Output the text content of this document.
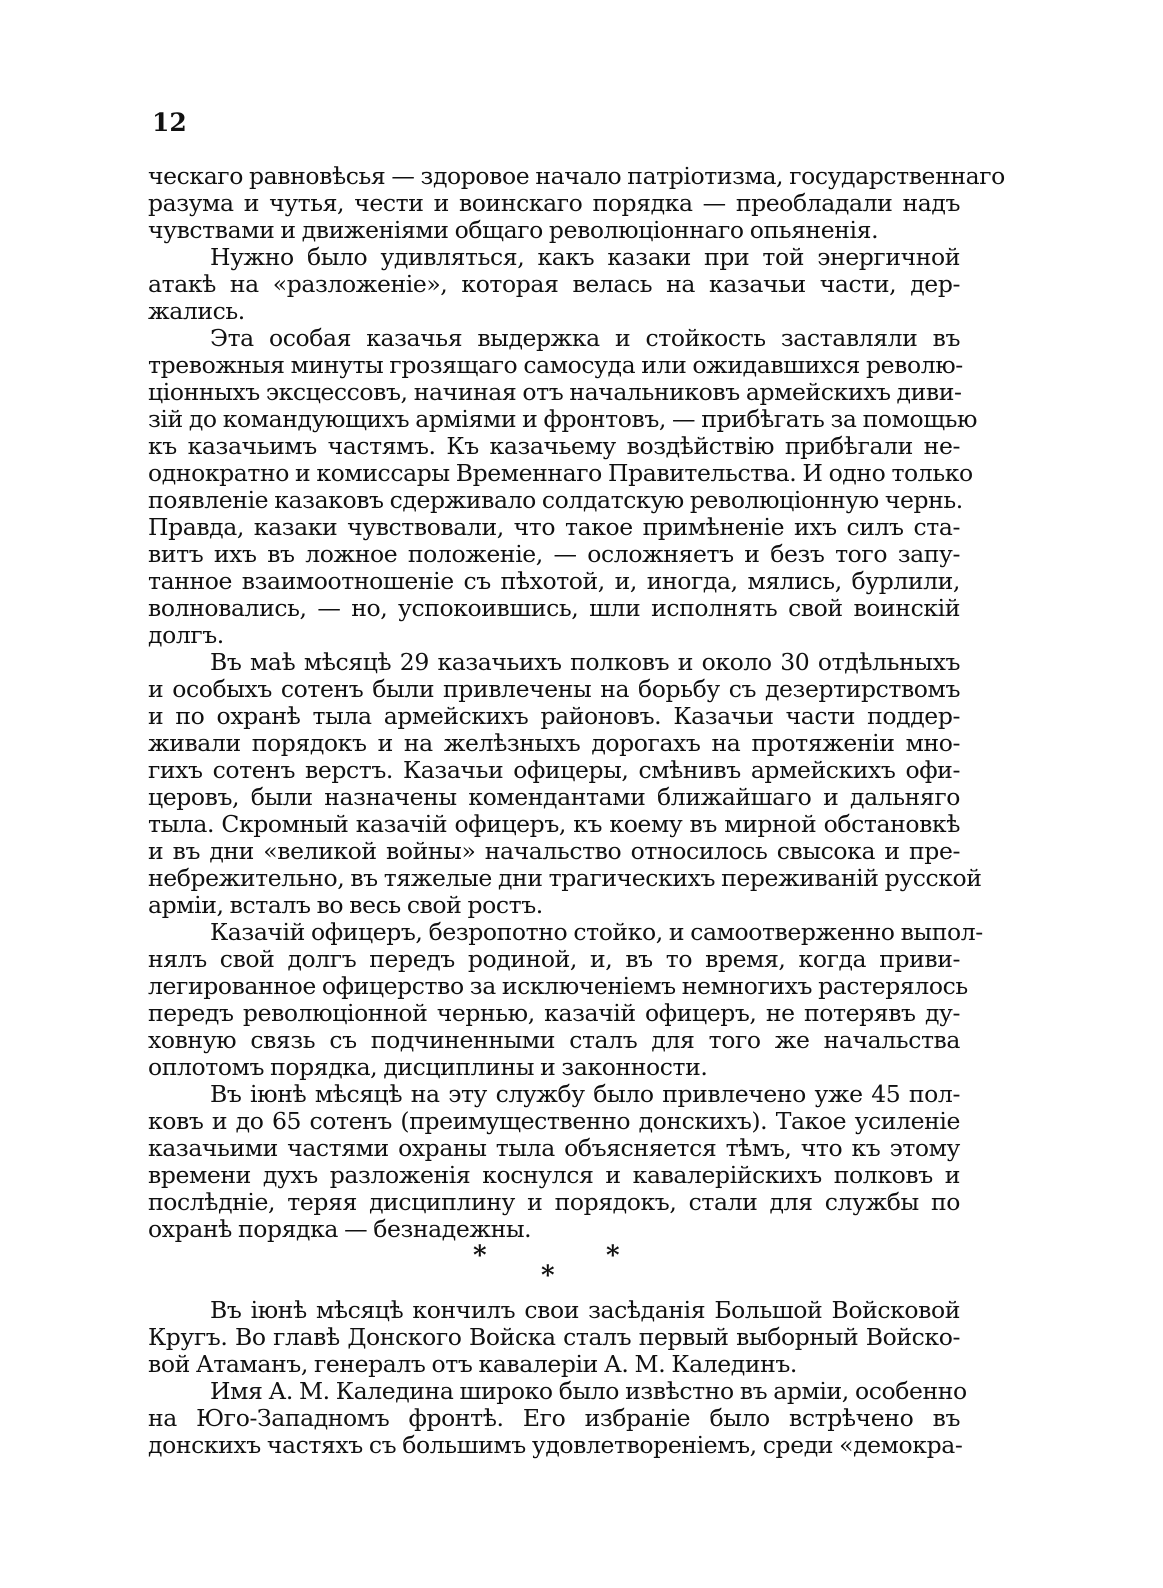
12
ческаго равновѣсья — здоровое начало патріотизма, государственнаго
разума и чутья, чести и воинскаго порядка — преобладали надъ
чувствами и движеніями общаго революціоннаго опьяненія.
Нужно было удивляться, какъ казаки при той энергичной
атакѣ на «разложеніе», которая велась на казачьи части, дер-
жались.
Эта особая казачья выдержка и стойкость заставляли въ
тревожныя минуты грозящаго самосуда или ожидавшихся револю-
ціонныхъ эксцессовъ, начиная отъ начальниковъ армейскихъ диви-
зій до командующихъ арміями и фронтовъ, — прибѣгать за помощью
къ казачьимъ частямъ. Къ казачьему воздѣйствію прибѣгали не-
однократно и комиссары Временнаго Правительства. И одно только
появленіе казаковъ сдерживало солдатскую революціонную чернь.
Правда, казаки чувствовали, что такое примѣненіе ихъ силъ ста-
витъ ихъ въ ложное положеніе, — осложняетъ и безъ того запу-
танное взаимоотношеніе съ пѣхотой, и, иногда, мялись, бурлили,
волновались, — но, успокоившись, шли исполнять свой воинскій
долгъ.
Въ маѣ мѣсяцѣ 29 казачьихъ полковъ и около 30 отдѣльныхъ
и особыхъ сотенъ были привлечены на борьбу съ дезертирствомъ
и по охранѣ тыла армейскихъ районовъ. Казачьи части поддер-
живали порядокъ и на желѣзныхъ дорогахъ на протяженіи мно-
гихъ сотенъ верстъ. Казачьи офицеры, смѣнивъ армейскихъ офи-
церовъ, были назначены комендантами ближайшаго и дальняго
тыла. Скромный казачій офицеръ, къ коему въ мирной обстановкѣ
и въ дни «великой войны» начальство относилось свысока и пре-
небрежительно, въ тяжелые дни трагическихъ переживаній русской
арміи, всталъ во весь свой ростъ.
Казачій офицеръ, безропотно стойко, и самоотверженно выпол-
нялъ свой долгъ передъ родиной, и, въ то время, когда приви-
легированное офицерство за исключеніемъ немногихъ растерялось
передъ революціонной чернью, казачій офицеръ, не потерявъ ду-
ховную связь съ подчиненными сталъ для того же начальства
оплотомъ порядка, дисциплины и законности.
Въ іюнѣ мѣсяцѣ на эту службу было привлечено уже 45 пол-
ковъ и до 65 сотенъ (преимущественно донскихъ). Такое усиленіе
казачьими частями охраны тыла объясняется тѣмъ, что къ этому
времени духъ разложенія коснулся и кавалерійскихъ полковъ и
послѣдніе, теряя дисциплину и порядокъ, стали для службы по
охранѣ порядка — безнадежны.
*
*
*
Въ іюнѣ мѣсяцѣ кончилъ свои засѣданія Большой Войсковой
Кругъ. Во главѣ Донского Войска сталъ первый выборный Войско-
вой Атаманъ, генералъ отъ кавалеріи А. М. Калединъ.
Имя А. М. Каледина широко было извѣстно въ арміи, особенно
на Юго-Западномъ фронтѣ. Его избраніе было встрѣчено въ
донскихъ частяхъ съ большимъ удовлетвореніемъ, среди «демокра-
